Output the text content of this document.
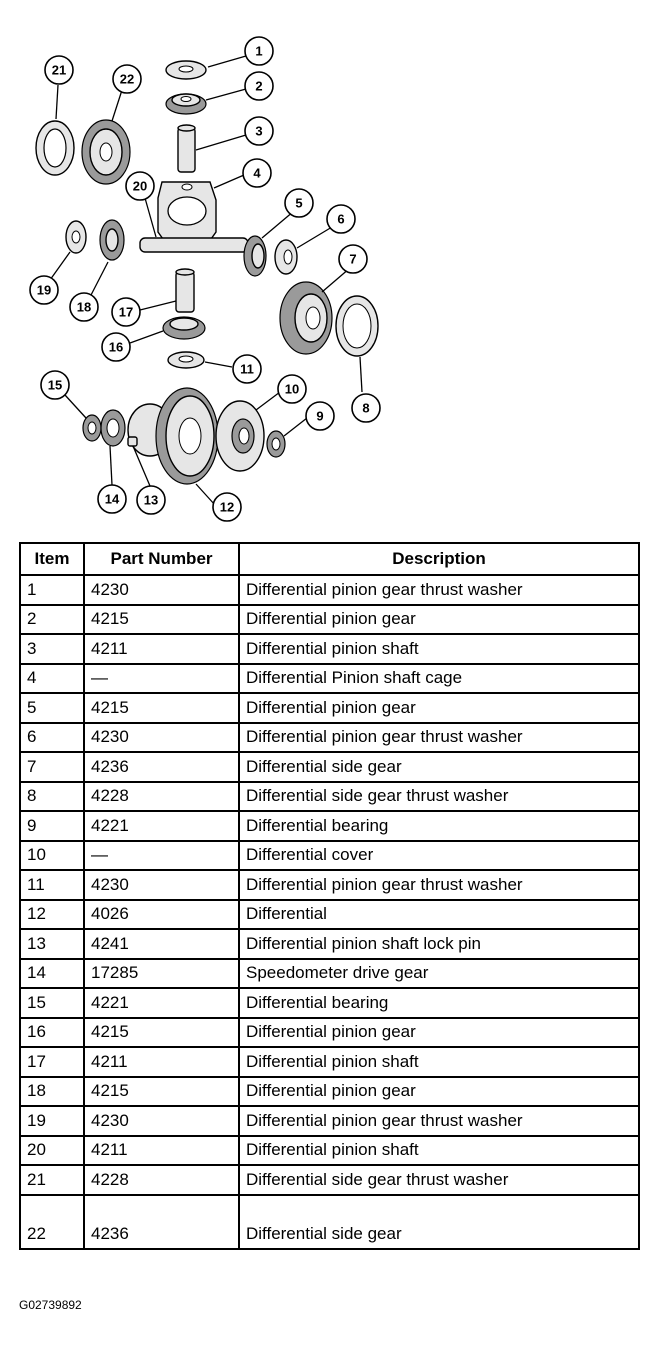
1
2
3
4
5
6
7
8
9
10
11
12
13
14
15
16
17
18
19
20
21
22
Item	Part Number	Description
1	4230	Differential pinion gear thrust washer
2	4215	Differential pinion gear
3	4211	Differential pinion shaft
4	—	Differential Pinion shaft cage
5	4215	Differential pinion gear
6	4230	Differential pinion gear thrust washer
7	4236	Differential side gear
8	4228	Differential side gear thrust washer
9	4221	Differential bearing
10	—	Differential cover
11	4230	Differential pinion gear thrust washer
12	4026	Differential
13	4241	Differential pinion shaft lock pin
14	17285	Speedometer drive gear
15	4221	Differential bearing
16	4215	Differential pinion gear
17	4211	Differential pinion shaft
18	4215	Differential pinion gear
19	4230	Differential pinion gear thrust washer
20	4211	Differential pinion shaft
21	4228	Differential side gear thrust washer
22	4236	Differential side gear
G02739892
